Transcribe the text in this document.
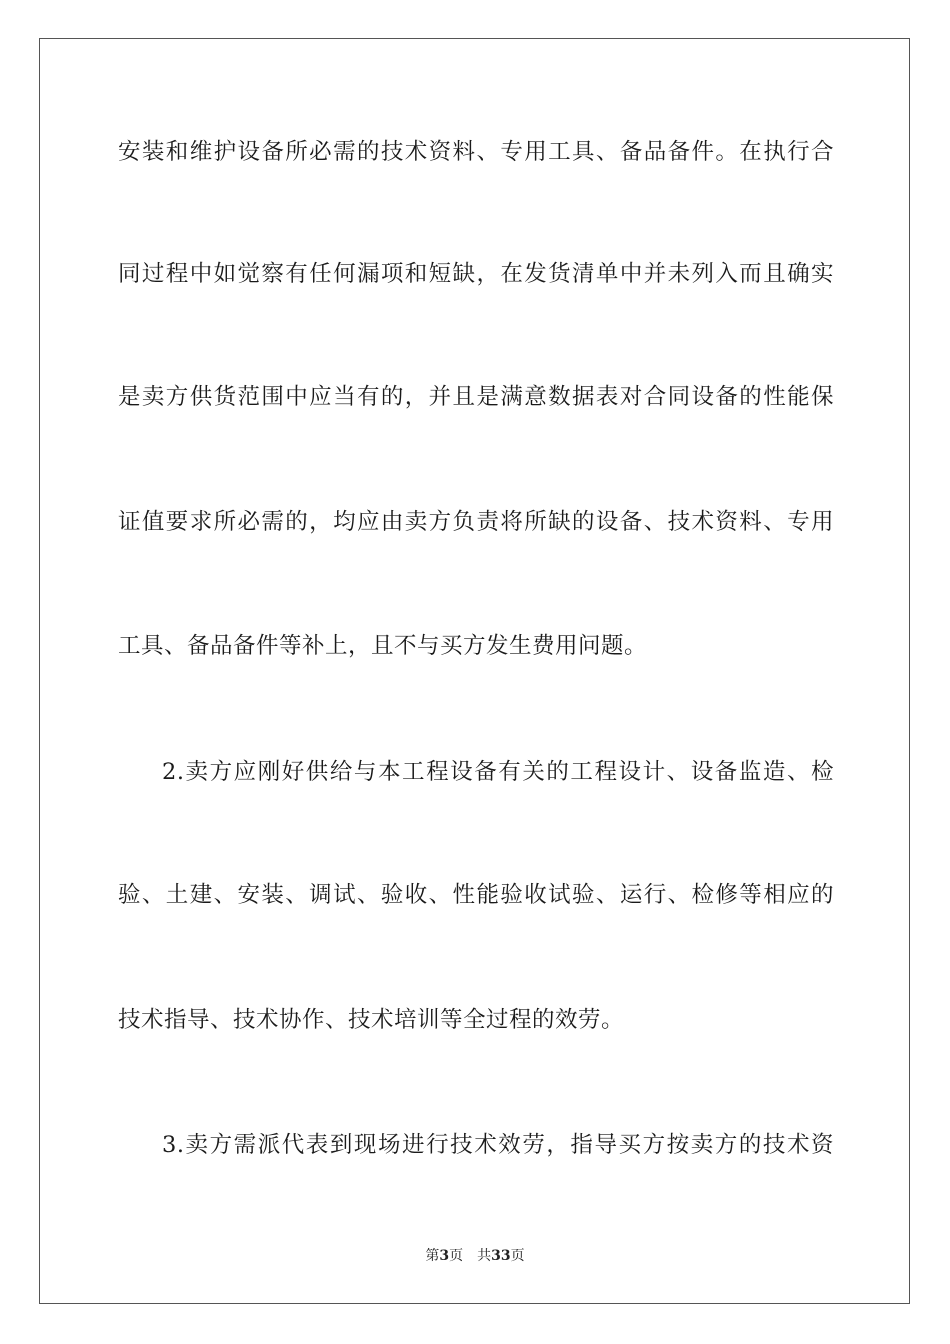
安装和维护设备所必需的技术资料、专用工具、备品备件。在执行合
同过程中如觉察有任何漏项和短缺，在发货清单中并未列入而且确实
是卖方供货范围中应当有的，并且是满意数据表对合同设备的性能保
证值要求所必需的，均应由卖方负责将所缺的设备、技术资料、专用
工具、备品备件等补上，且不与买方发生费用问题。
2.卖方应刚好供给与本工程设备有关的工程设计、设备监造、检
验、土建、安装、调试、验收、性能验收试验、运行、检修等相应的
技术指导、技术协作、技术培训等全过程的效劳。
3.卖方需派代表到现场进行技术效劳，指导买方按卖方的技术资
第3页 共33页
